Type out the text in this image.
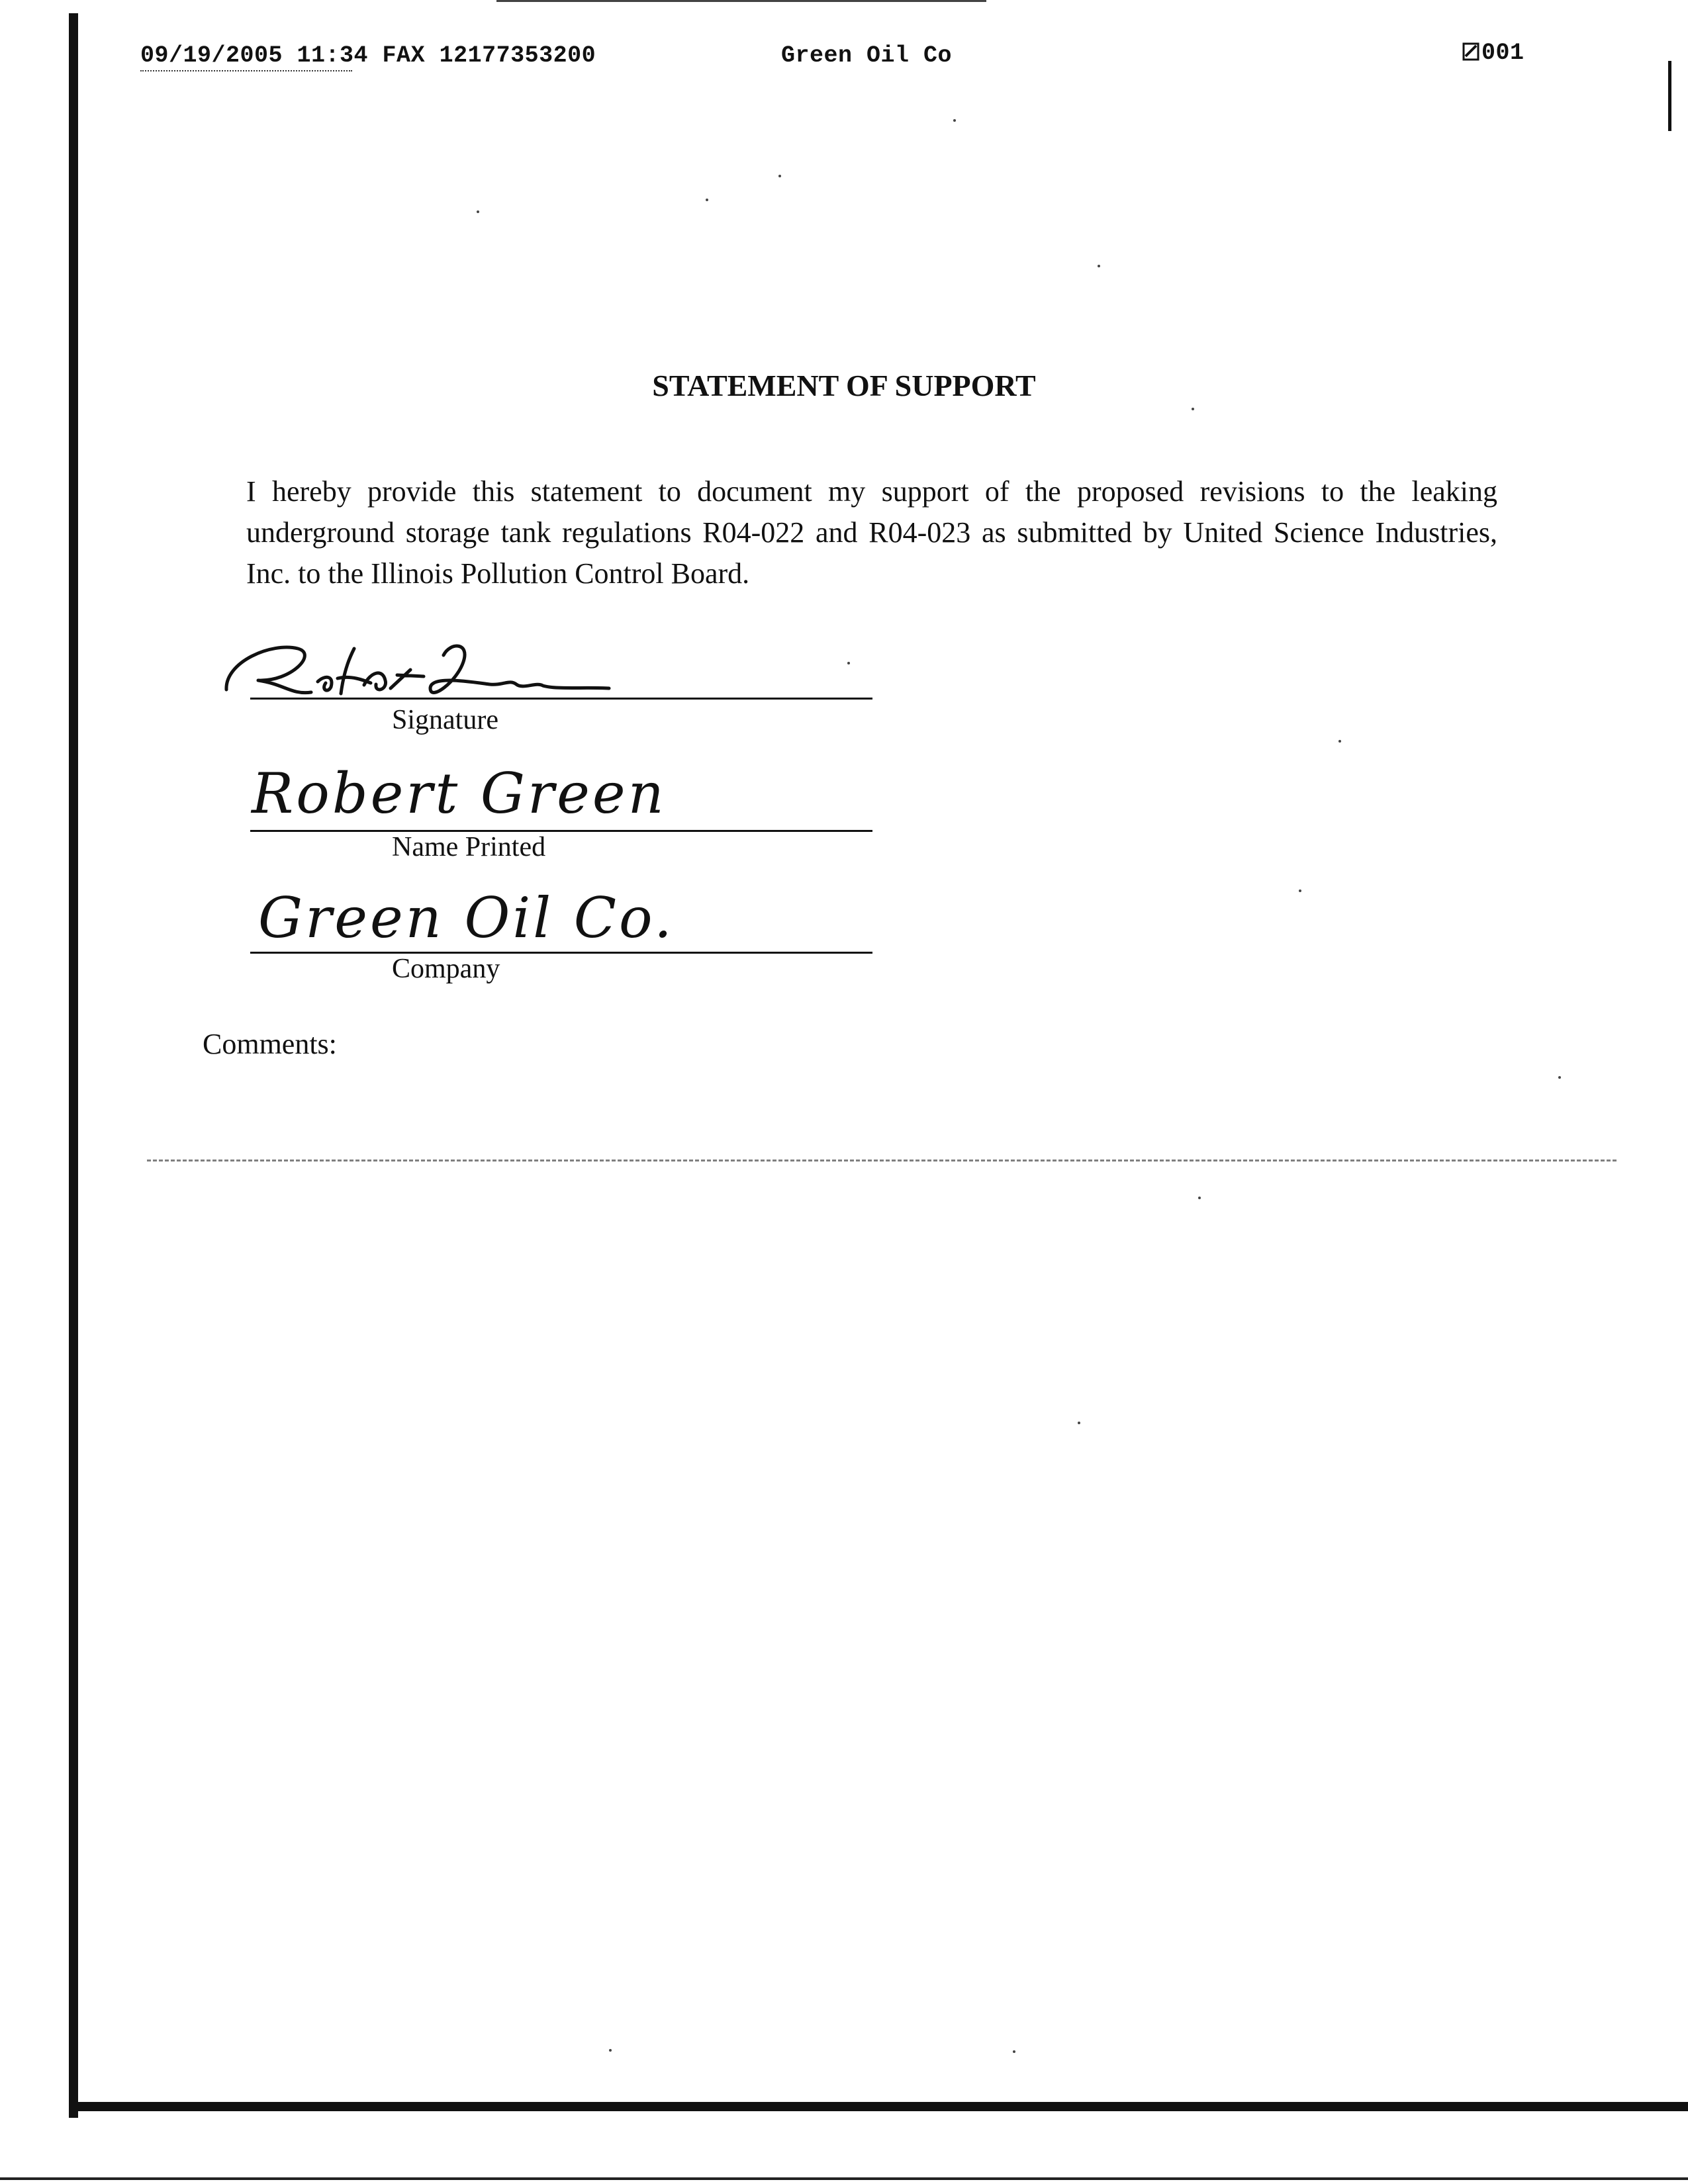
09/19/2005 11:34 FAX 12177353200	Green Oil Co	001
STATEMENT OF SUPPORT
I hereby provide this statement to document my support of the proposed revisions to the leaking underground storage tank regulations R04-022 and R04-023 as submitted by United Science Industries, Inc. to the Illinois Pollution Control Board.
Signature
Robert Green
Name Printed
Green Oil Co.
Company
Comments:
